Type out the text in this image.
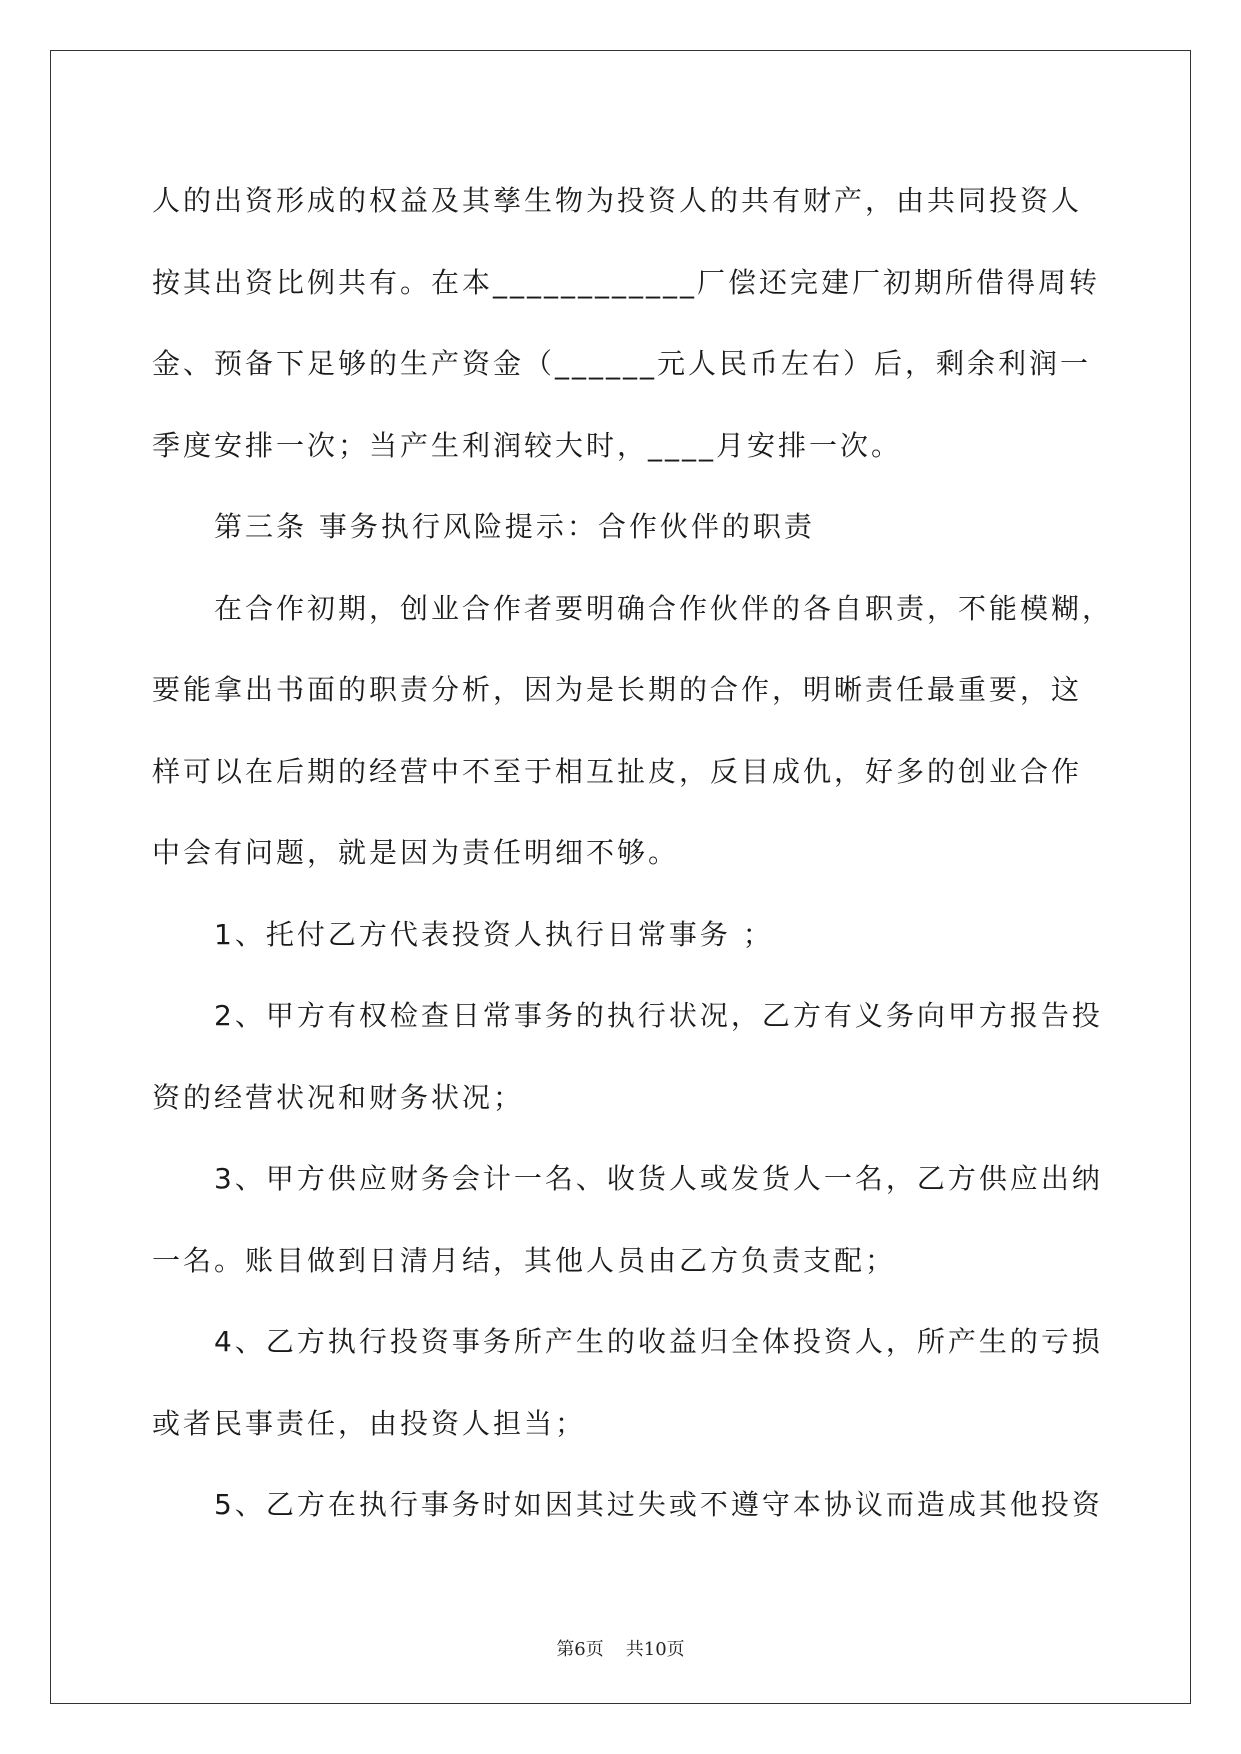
人的出资形成的权益及其孳生物为投资人的共有财产，由共同投资人
按其出资比例共有。在本____________厂偿还完建厂初期所借得周转
金、预备下足够的生产资金（______元人民币左右）后，剩余利润一
季度安排一次；当产生利润较大时，____月安排一次。
第三条 事务执行风险提示：合作伙伴的职责
在合作初期，创业合作者要明确合作伙伴的各自职责，不能模糊，
要能拿出书面的职责分析，因为是长期的合作，明晰责任最重要，这
样可以在后期的经营中不至于相互扯皮，反目成仇，好多的创业合作
中会有问题，就是因为责任明细不够。
1、托付乙方代表投资人执行日常事务 ；
2、甲方有权检查日常事务的执行状况，乙方有义务向甲方报告投
资的经营状况和财务状况；
3、甲方供应财务会计一名、收货人或发货人一名，乙方供应出纳
一名。账目做到日清月结，其他人员由乙方负责支配；
4、乙方执行投资事务所产生的收益归全体投资人，所产生的亏损
或者民事责任，由投资人担当；
5、乙方在执行事务时如因其过失或不遵守本协议而造成其他投资
第6页 共10页
